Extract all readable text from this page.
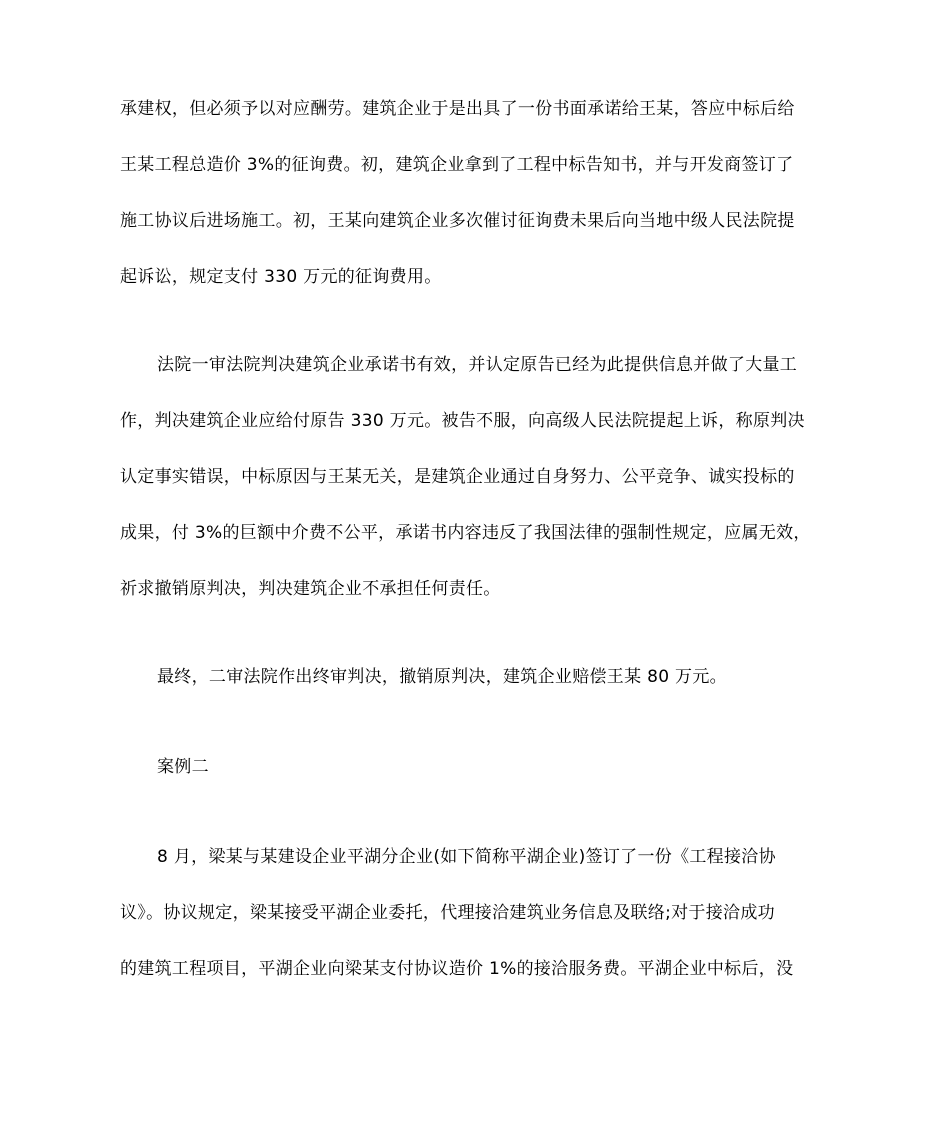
承建权，但必须予以对应酬劳。建筑企业于是出具了一份书面承诺给王某，答应中标后给
王某工程总造价 3%的征询费。初，建筑企业拿到了工程中标告知书，并与开发商签订了
施工协议后进场施工。初，王某向建筑企业多次催讨征询费未果后向当地中级人民法院提
起诉讼，规定支付 330 万元的征询费用。
法院一审法院判决建筑企业承诺书有效，并认定原告已经为此提供信息并做了大量工
作，判决建筑企业应给付原告 330 万元。被告不服，向高级人民法院提起上诉，称原判决
认定事实错误，中标原因与王某无关，是建筑企业通过自身努力、公平竞争、诚实投标的
成果，付 3%的巨额中介费不公平，承诺书内容违反了我国法律的强制性规定，应属无效，
祈求撤销原判决，判决建筑企业不承担任何责任。
最终，二审法院作出终审判决，撤销原判决，建筑企业赔偿王某 80 万元。
案例二
8 月，梁某与某建设企业平湖分企业(如下简称平湖企业)签订了一份《工程接洽协
议》。协议规定，梁某接受平湖企业委托，代理接洽建筑业务信息及联络;对于接洽成功
的建筑工程项目，平湖企业向梁某支付协议造价 1%的接洽服务费。平湖企业中标后，没
